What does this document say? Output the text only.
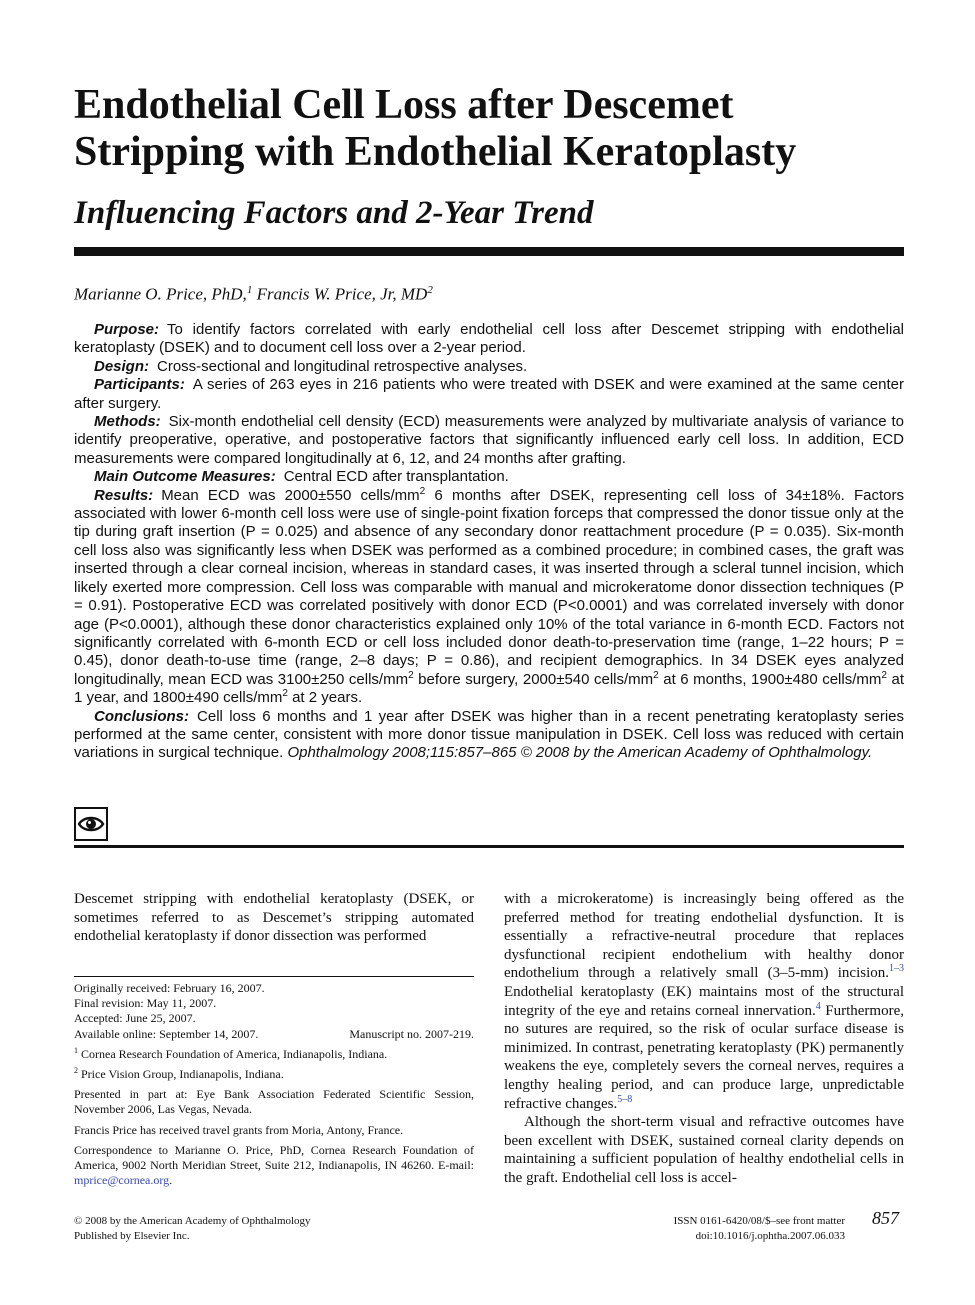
Endothelial Cell Loss after Descemet Stripping with Endothelial Keratoplasty
Influencing Factors and 2-Year Trend
Marianne O. Price, PhD,$^1$ Francis W. Price, Jr, $MD^2$

Purpose: To identify factors correlated with early endothelial cell loss after Descemet stripping with endothelial keratoplasty (DSEK) and to document cell loss over a 2-year period.

Design: Cross-sectional and longitudinal retrospective analyses.

Participants: A series of 263 eyes in 216 patients who were treated with DSEK and were examined at the same center after surgery.

Methods: Six-month endothelial cell density (ECD) measurements were analyzed by multivariate analysis of variance to identify preoperative, operative, and postoperative factors that significantly influenced early cell loss. In addition, ECD measurements were compared longitudinally at 6, 12, and 24 months after grafting.

Main Outcome Measures: Central ECD after transplantation.

Results: Mean ECD was 2000±550 cells/$mm^2$ 6 months after DSEK, representing cell loss of 34±18%. Factors associated with lower 6-month cell loss were use of single-point fixation forceps that compressed the donor tissue only at the tip during graft insertion (P = 0.025) and absence of any secondary donor reattachment procedure (P = 0.035). Six-month cell loss also was significantly less when DSEK was performed as a combined procedure; in combined cases, the graft was inserted through a clear corneal incision, whereas in standard cases, it was inserted through a scleral tunnel incision, which likely exerted more compression. Cell loss was comparable with manual and microkeratome donor dissection techniques (P = 0.91). Postoperative ECD was correlated positively with donor ECD (P<0.0001) and was correlated inversely with donor age (P<0.0001), although these donor characteristics explained only 10% of the total variance in 6-month ECD. Factors not significantly correlated with 6-month ECD or cell loss included donor death-to-preservation time (range, 1–22 hours; P = 0.45), donor death-to-use time (range, 2–8 days; P = 0.86), and recipient demographics. In 34 DSEK eyes analyzed longitudinally, mean ECD was 3100±250 cells/$mm^2$ before surgery, 2000±540 cells/$mm^2$ at 6 months, 1900±480 cells/$mm^2$ at 1 year, and 1800±490 cells/$mm^2$ at 2 years.

Conclusions: Cell loss 6 months and 1 year after DSEK was higher than in a recent penetrating keratoplasty series performed at the same center, consistent with more donor tissue manipulation in DSEK. Cell loss was reduced with certain variations in surgical technique. Ophthalmology 2008;115:857–865 © 2008 by the American Academy of Ophthalmology.

Descemet stripping with endothelial keratoplasty (DSEK, or sometimes referred to as Descemet’s stripping automated endothelial keratoplasty if donor dissection was performed

Originally received: February 16, 2007.
Final revision: May 11, 2007.
Accepted: June 25, 2007.
Available online: September 14, 2007.	Manuscript no. 2007-219.
$^1$ Cornea Research Foundation of America, Indianapolis, Indiana.
$^2$ Price Vision Group, Indianapolis, Indiana.
Presented in part at: Eye Bank Association Federated Scientific Session, November 2006, Las Vegas, Nevada.
Francis Price has received travel grants from Moria, Antony, France.
Correspondence to Marianne O. Price, PhD, Cornea Research Foundation of America, 9002 North Meridian Street, Suite 212, Indianapolis, IN 46260. E-mail: mprice@cornea.org.

with a microkeratome) is increasingly being offered as the preferred method for treating endothelial dysfunction. It is essentially a refractive-neutral procedure that replaces dysfunctional recipient endothelium with healthy donor endothelium through a relatively small (3–5-mm) incision.$^{1-3}$ Endothelial keratoplasty (EK) maintains most of the structural integrity of the eye and retains corneal innervation.$^4$ Furthermore, no sutures are required, so the risk of ocular surface disease is minimized. In contrast, penetrating keratoplasty (PK) permanently weakens the eye, completely severs the corneal nerves, requires a lengthy healing period, and can produce large, unpredictable refractive changes.$^{5-8}$

Although the short-term visual and refractive outcomes have been excellent with DSEK, sustained corneal clarity depends on maintaining a sufficient population of healthy endothelial cells in the graft. Endothelial cell loss is accel-

© 2008 by the American Academy of Ophthalmology
Published by Elsevier Inc.
ISSN 0161-6420/08/$–see front matter
doi:10.1016/j.ophtha.2007.06.033
857
